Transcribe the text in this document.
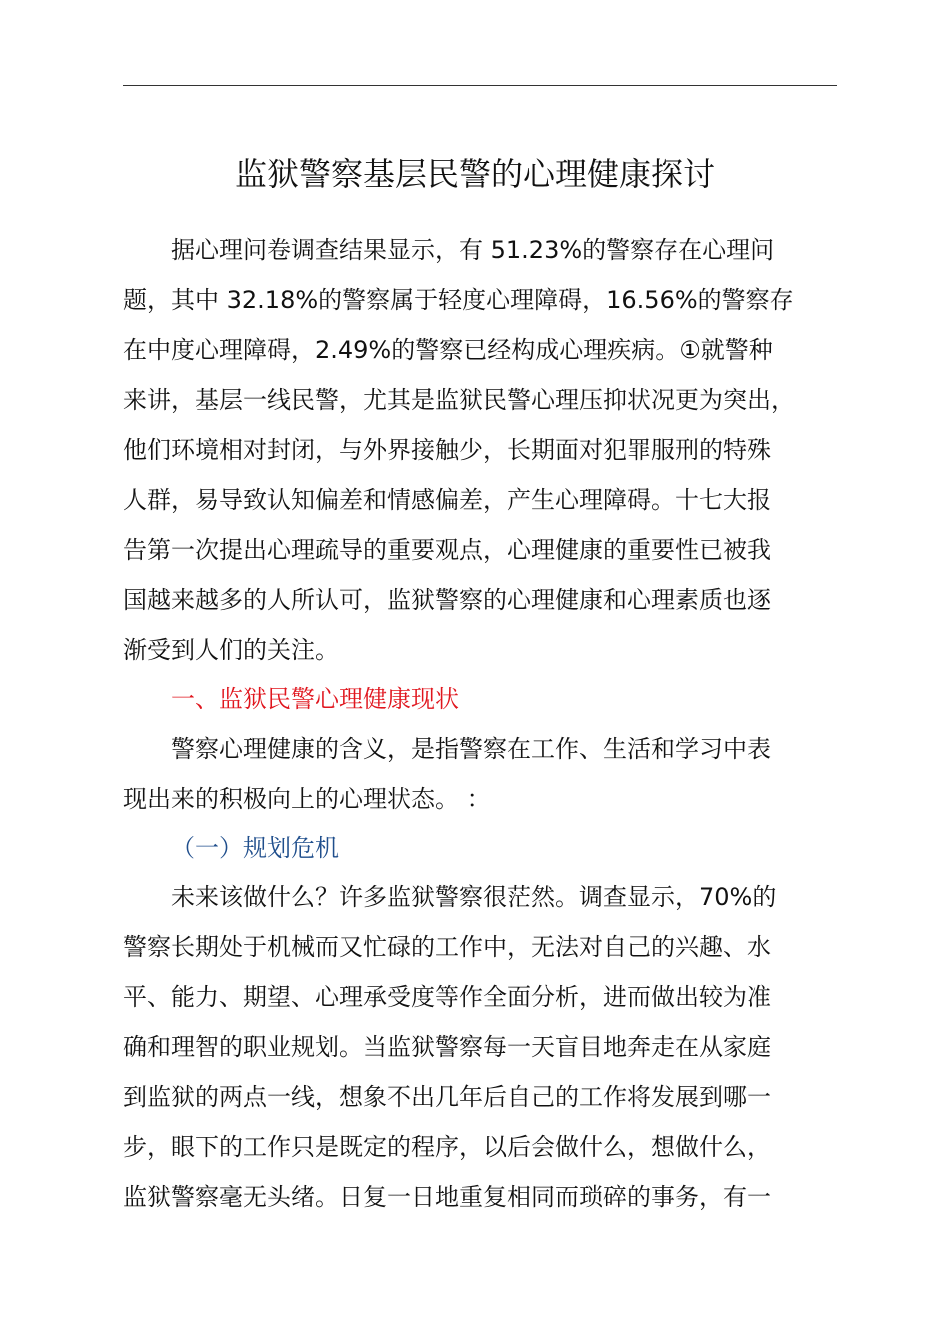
监狱警察基层民警的心理健康探讨

据心理问卷调查结果显示，有 51.23%的警察存在心理问

题，其中 32.18%的警察属于轻度心理障碍，16.56%的警察存

在中度心理障碍，2.49%的警察已经构成心理疾病。①就警种

来讲，基层一线民警，尤其是监狱民警心理压抑状况更为突出，

他们环境相对封闭，与外界接触少，长期面对犯罪服刑的特殊

人群，易导致认知偏差和情感偏差，产生心理障碍。十七大报

告第一次提出心理疏导的重要观点，心理健康的重要性已被我

国越来越多的人所认可，监狱警察的心理健康和心理素质也逐

渐受到人们的关注。

一、监狱民警心理健康现状

警察心理健康的含义，是指警察在工作、生活和学习中表

现出来的积极向上的心理状态。 ：

（一）规划危机

未来该做什么？许多监狱警察很茫然。调查显示，70%的

警察长期处于机械而又忙碌的工作中，无法对自己的兴趣、水

平、能力、期望、心理承受度等作全面分析，进而做出较为准

确和理智的职业规划。当监狱警察每一天盲目地奔走在从家庭

到监狱的两点一线，想象不出几年后自己的工作将发展到哪一

步，眼下的工作只是既定的程序，以后会做什么，想做什么，

监狱警察毫无头绪。日复一日地重复相同而琐碎的事务，有一
